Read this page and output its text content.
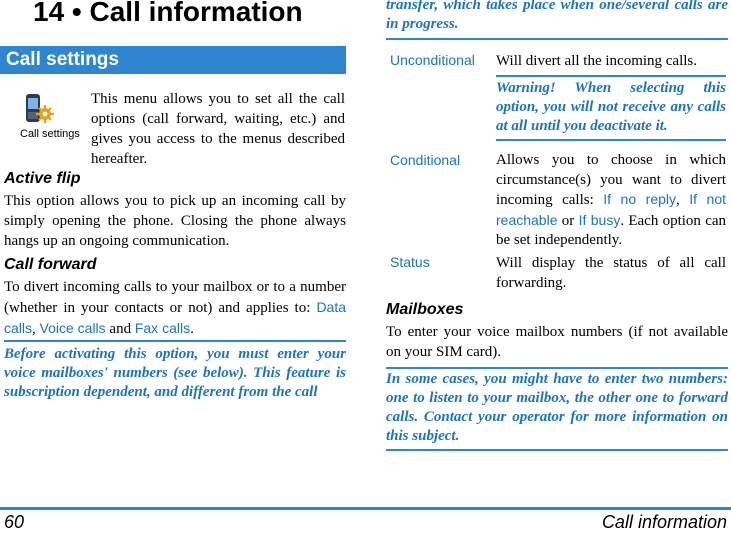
14 • Call information
Call settings
Call settings
This menu allows you to set all the call options (call forward, waiting, etc.) and gives you access to the menus described hereafter.
Active flip
This option allows you to pick up an incoming call by simply opening the phone. Closing the phone always hangs up an ongoing communication.
Call forward
To divert incoming calls to your mailbox or to a number (whether in your contacts or not) and applies to: Data calls, Voice calls and Fax calls.
Before activating this option, you must enter your voice mailboxes' numbers (see below). This feature is subscription dependent, and different from the call
transfer, which takes place when one/several calls are in progress.
Unconditional Will divert all the incoming calls.
Warning! When selecting this option, you will not receive any calls at all until you deactivate it.
Conditional Allows you to choose in which circumstance(s) you want to divert incoming calls: If no reply, If not reachable or If busy. Each option can be set independently.
Status	Will display the status of all call forwarding.
Mailboxes
To enter your voice mailbox numbers (if not available on your SIM card).
In some cases, you might have to enter two numbers: one to listen to your mailbox, the other one to forward calls. Contact your operator for more information on this subject.
60	Call information
